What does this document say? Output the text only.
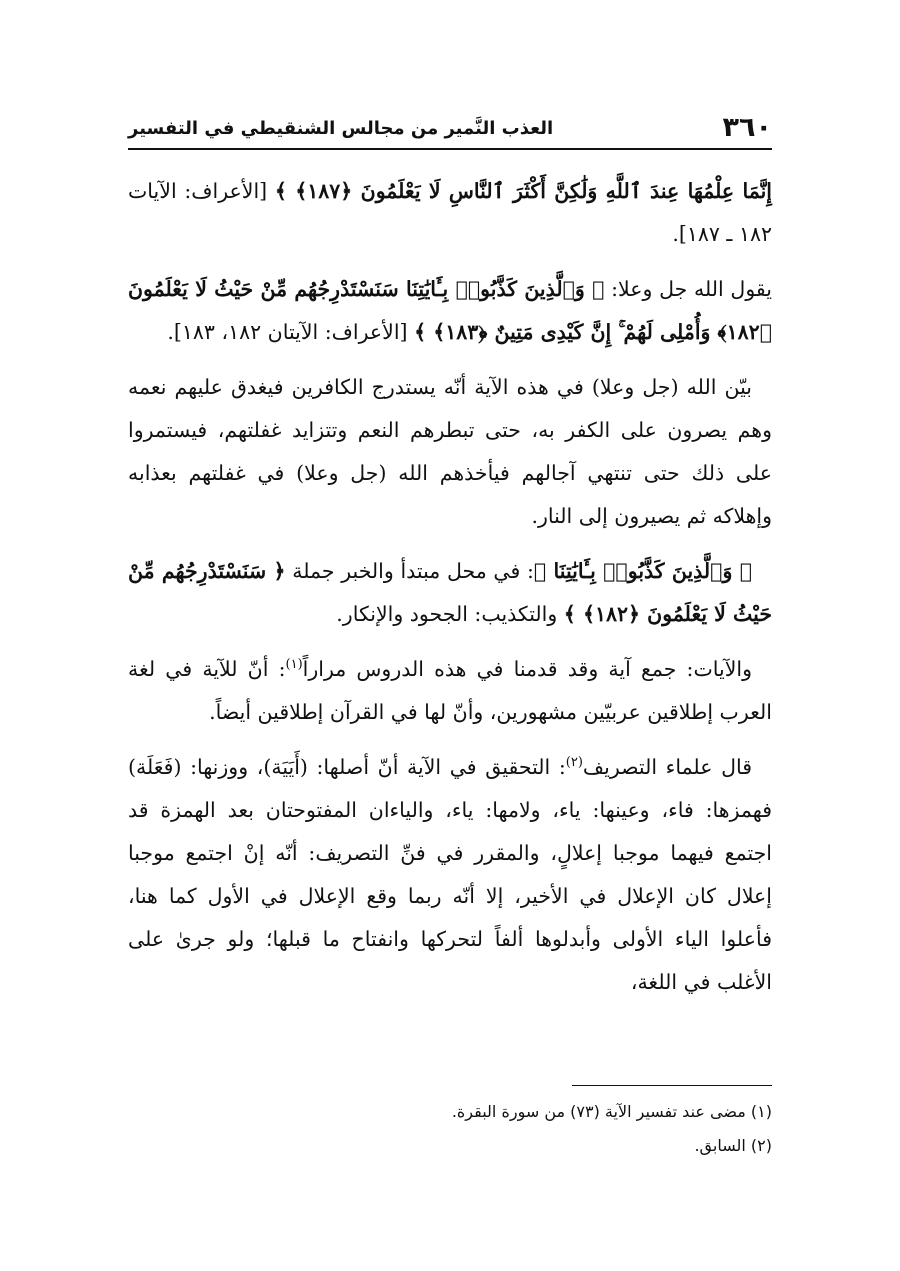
٣٦٠
العذب النَّمير من مجالس الشنقيطي في التفسير

إِنَّمَا عِلْمُهَا عِندَ ٱللَّهِ وَلَٰكِنَّ أَكْثَرَ ٱلنَّاسِ لَا يَعْلَمُونَ ﴿١٨٧﴾ ﴾ [الأعراف: الآيات ١٨٢ ـ ١٨٧].

يقول الله جل وعلا: ﴿ وَٱلَّذِينَ كَذَّبُوا۟ بِـَٔايَٰتِنَا سَنَسْتَدْرِجُهُم مِّنْ حَيْثُ لَا يَعْلَمُونَ ﴿١٨٢﴾ وَأُمْلِى لَهُمْ ۚ إِنَّ كَيْدِى مَتِينٌ ﴿١٨٣﴾ ﴾ [الأعراف: الآيتان ١٨٢، ١٨٣].

بيّن الله (جل وعلا) في هذه الآية أنّه يستدرج الكافرين فيغدق عليهم نعمه وهم يصرون على الكفر به، حتى تبطرهم النعم وتتزايد غفلتهم، فيستمروا على ذلك حتى تنتهي آجالهم فيأخذهم الله (جل وعلا) في غفلتهم بعذابه وإهلاكه ثم يصيرون إلى النار.

﴿ وَٱلَّذِينَ كَذَّبُوا۟ بِـَٔايَٰتِنَا ﴾: في محل مبتدأ والخبر جملة ﴿ سَنَسْتَدْرِجُهُم مِّنْ حَيْثُ لَا يَعْلَمُونَ ﴿١٨٢﴾ ﴾ والتكذيب: الجحود والإنكار.

والآيات: جمع آية وقد قدمنا في هذه الدروس مراراً$^{(١)}$: أنّ للآية في لغة العرب إطلاقين عربيّين مشهورين، وأنّ لها في القرآن إطلاقين أيضاً.

قال علماء التصريف$^{(٢)}$: التحقيق في الآية أنّ أصلها: (أَيَيَة)، ووزنها: (فَعَلَة) فهمزها: فاء، وعينها: ياء، ولامها: ياء، والياءان المفتوحتان بعد الهمزة قد اجتمع فيهما موجبا إعلالٍ، والمقرر في فنِّ التصريف: أنّه إنْ اجتمع موجبا إعلال كان الإعلال في الأخير، إلا أنّه ربما وقع الإعلال في الأول كما هنا، فأعلوا الياء الأولى وأبدلوها ألفاً لتحركها وانفتاح ما قبلها؛ ولو جرىٰ على الأغلب في اللغة،

(١) مضى عند تفسير الآية (٧٣) من سورة البقرة.

(٢) السابق.
